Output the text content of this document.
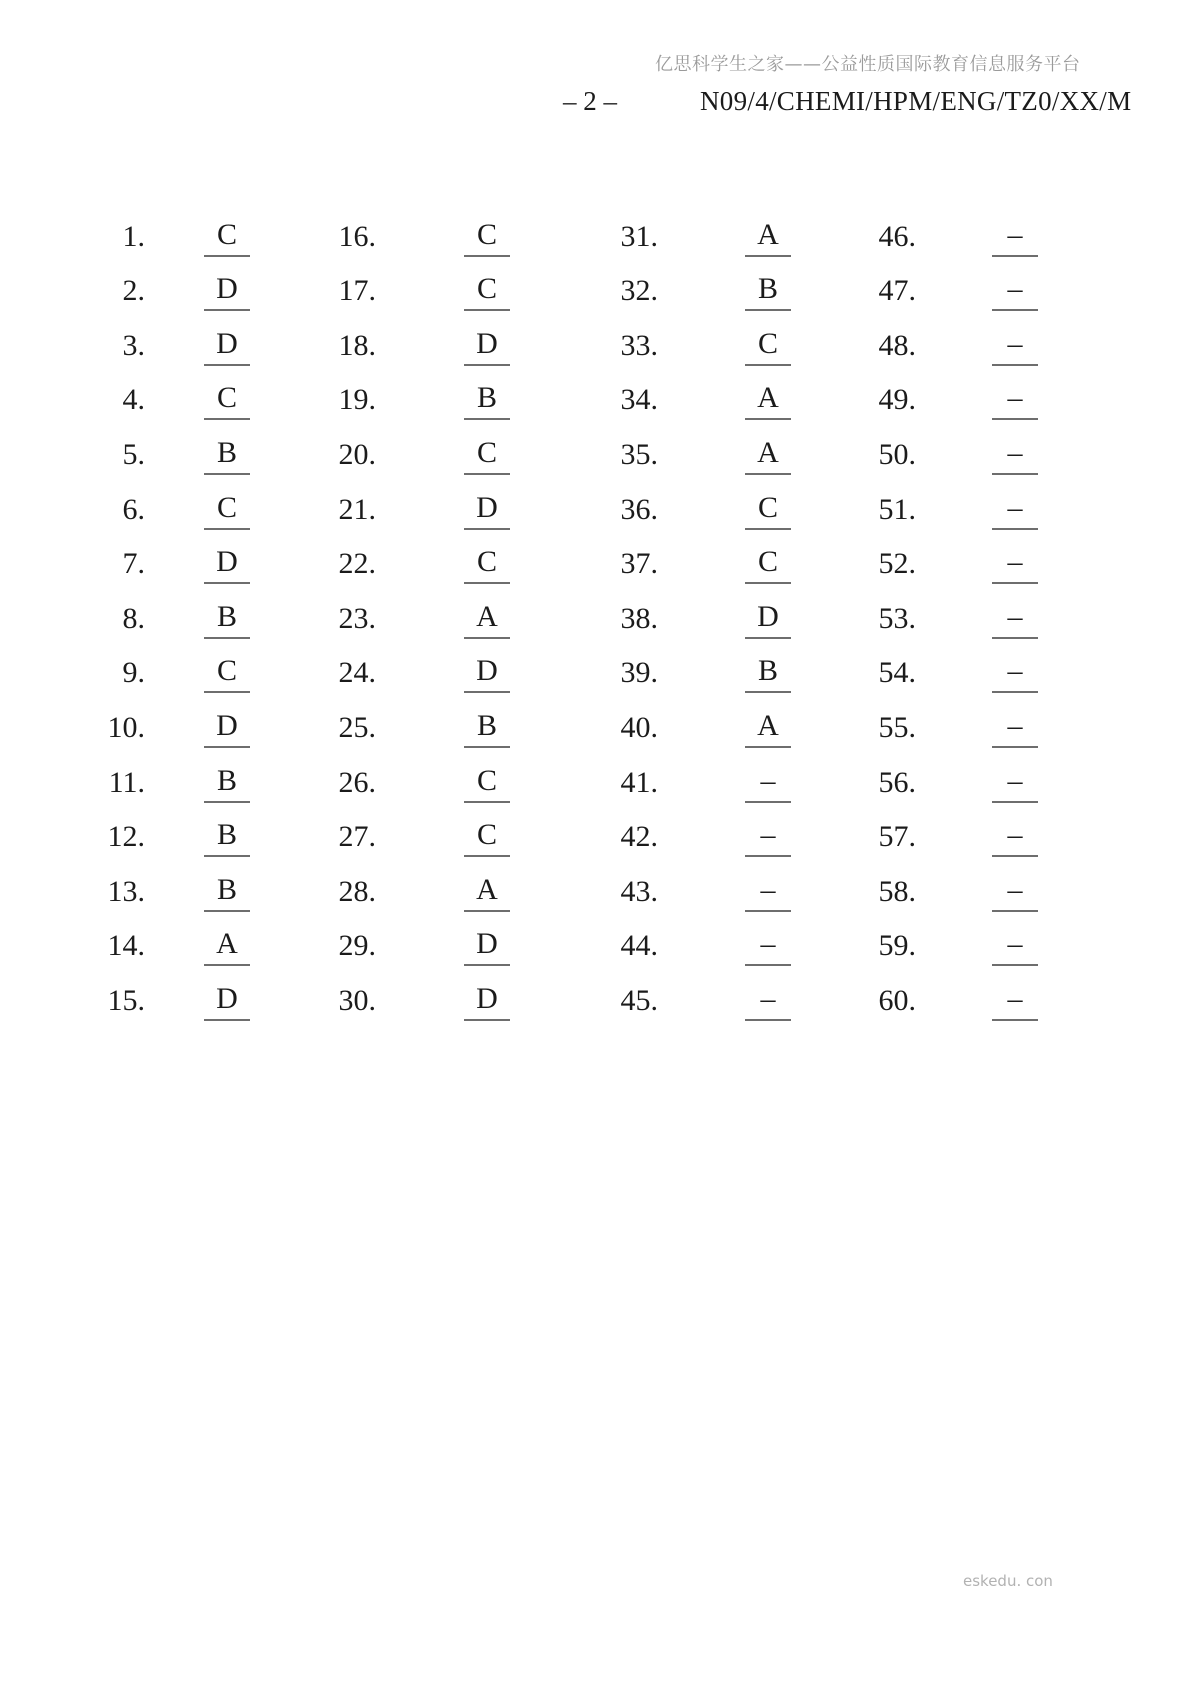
亿思科学生之家——公益性质国际教育信息服务平台
– 2 –	N09/4/CHEMI/HPM/ENG/TZ0/XX/M
1.	C
2.	D
3.	D
4.	C
5.	B
6.	C
7.	D
8.	B
9.	C
10.	D
11.	B
12.	B
13.	B
14.	A
15.	D
16.	C
17.	C
18.	D
19.	B
20.	C
21.	D
22.	C
23.	A
24.	D
25.	B
26.	C
27.	C
28.	A
29.	D
30.	D
31.	A
32.	B
33.	C
34.	A
35.	A
36.	C
37.	C
38.	D
39.	B
40.	A
41.	–
42.	–
43.	–
44.	–
45.	–
46.	–
47.	–
48.	–
49.	–
50.	–
51.	–
52.	–
53.	–
54.	–
55.	–
56.	–
57.	–
58.	–
59.	–
60.	–
eskedu. con
